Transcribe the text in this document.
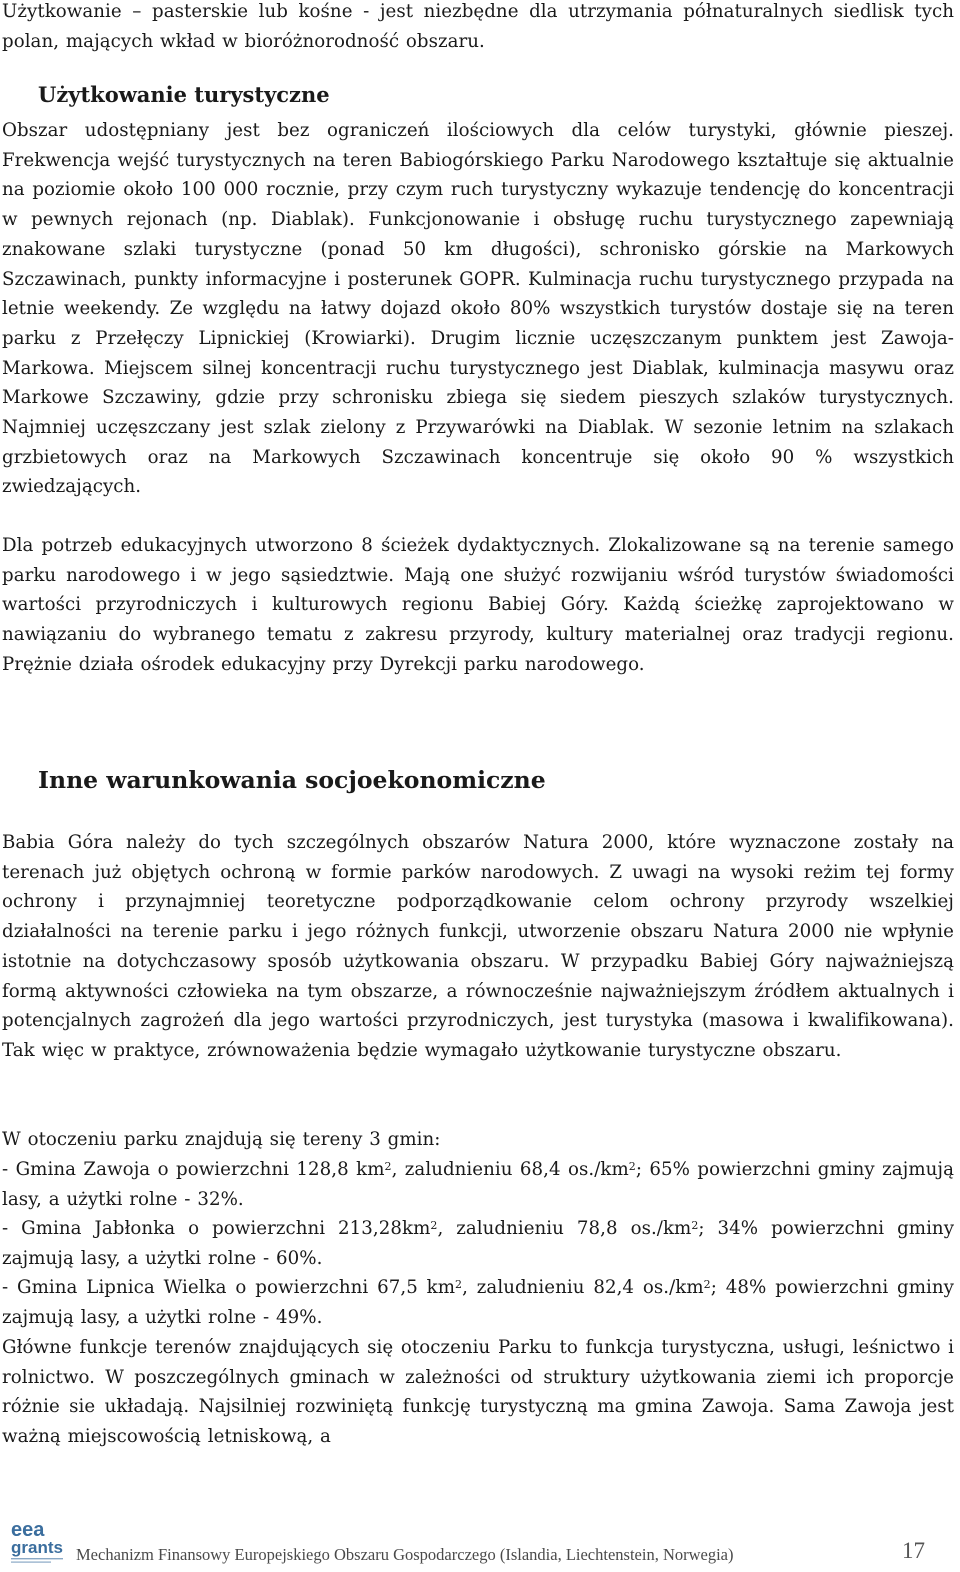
Użytkowanie – pasterskie lub kośne - jest niezbędne dla utrzymania półnaturalnych siedlisk tych polan, mających wkład w bioróżnorodność obszaru.

Użytkowanie turystyczne

Obszar udostępniany jest bez ograniczeń ilościowych dla celów turystyki, głównie pieszej. Frekwencja wejść turystycznych na teren Babiogórskiego Parku Narodowego kształtuje się aktualnie na poziomie około 100 000 rocznie, przy czym ruch turystyczny wykazuje tendencję do koncentracji w pewnych rejonach (np. Diablak). Funkcjonowanie i obsługę ruchu turystycznego zapewniają znakowane szlaki turystyczne (ponad 50 km długości), schronisko górskie na Markowych Szczawinach, punkty informacyjne i posterunek GOPR. Kulminacja ruchu turystycznego przypada na letnie weekendy. Ze względu na łatwy dojazd około 80% wszystkich turystów dostaje się na teren parku z Przełęczy Lipnickiej (Krowiarki). Drugim licznie uczęszczanym punktem jest Zawoja-Markowa. Miejscem silnej koncentracji ruchu turystycznego jest Diablak, kulminacja masywu oraz Markowe Szczawiny, gdzie przy schronisku zbiega się siedem pieszych szlaków turystycznych. Najmniej uczęszczany jest szlak zielony z Przywarówki na Diablak. W sezonie letnim na szlakach grzbietowych oraz na Markowych Szczawinach koncentruje się około 90 % wszystkich zwiedzających.

Dla potrzeb edukacyjnych utworzono 8 ścieżek dydaktycznych. Zlokalizowane są na terenie samego parku narodowego i w jego sąsiedztwie. Mają one służyć rozwijaniu wśród turystów świadomości wartości przyrodniczych i kulturowych regionu Babiej Góry. Każdą ścieżkę zaprojektowano w nawiązaniu do wybranego tematu z zakresu przyrody, kultury materialnej oraz tradycji regionu. Prężnie działa ośrodek edukacyjny przy Dyrekcji parku narodowego.

Inne warunkowania socjoekonomiczne

Babia Góra należy do tych szczególnych obszarów Natura 2000, które wyznaczone zostały na terenach już objętych ochroną w formie parków narodowych. Z uwagi na wysoki reżim tej formy ochrony i przynajmniej teoretyczne podporządkowanie celom ochrony przyrody wszelkiej działalności na terenie parku i jego różnych funkcji, utworzenie obszaru Natura 2000 nie wpłynie istotnie na dotychczasowy sposób użytkowania obszaru. W przypadku Babiej Góry najważniejszą formą aktywności człowieka na tym obszarze, a równocześnie najważniejszym źródłem aktualnych i potencjalnych zagrożeń dla jego wartości przyrodniczych, jest turystyka (masowa i kwalifikowana). Tak więc w praktyce, zrównoważenia będzie wymagało użytkowanie turystyczne obszaru.

W otoczeniu parku znajdują się tereny 3 gmin:

- Gmina Zawoja o powierzchni 128,8 $km^2$, zaludnieniu 68,4 $os./km^2$; 65% powierzchni gminy zajmują lasy, a użytki rolne - 32%.

- Gmina Jabłonka o powierzchni $213,28km^2$, zaludnieniu 78,8 $os./km^2$; 34% powierzchni gminy zajmują lasy, a użytki rolne - 60%.

- Gmina Lipnica Wielka o powierzchni 67,5 $km^2$, zaludnieniu 82,4 $os./km^2$; 48% powierzchni gminy zajmują lasy, a użytki rolne - 49%.

Główne funkcje terenów znajdujących się otoczeniu Parku to funkcja turystyczna, usługi, leśnictwo i rolnictwo. W poszczególnych gminach w zależności od struktury użytkowania ziemi ich proporcje różnie sie układają. Najsilniej rozwiniętą funkcję turystyczną ma gmina Zawoja. Sama Zawoja jest ważną miejscowością letniskową, a

eea
grants Mechanizm Finansowy Europejskiego Obszaru Gospodarczego (Islandia, Liechtenstein, Norwegia)	17
